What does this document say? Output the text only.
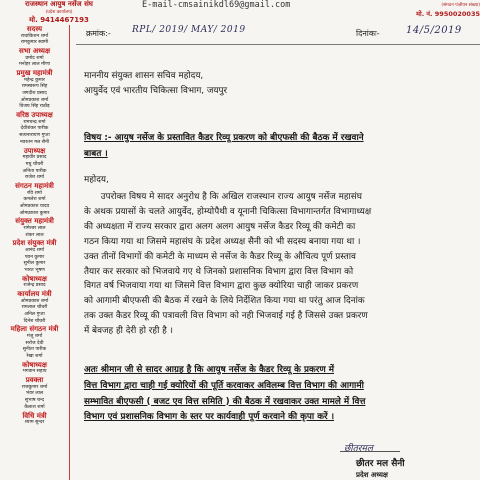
राजस्थान आयुष नर्सेज संघ
(प्रदेश कार्यालय)
मो. 9414467193
E-mail-cmsainikdl69@gmail.com	(संगठन पंजीयन संख्या)
मो. नं. 9950020035
सदस्य
राधाकिशन शर्मा
रामकुमार स्वामी
सभा अध्यक्ष
प्रमोद शर्मा
मनोहर लाल मीणा
प्रमुख महामंत्री
महेन्द्र कुमार
रामस्वरूप सिंह
जगदीश प्रसाद
ओमप्रकाश शर्मा
विजय सिंह राठौड़
वरिष्ठ उपाध्यक्ष
रामचन्द्र शर्मा
देवीशंकर पारीक
सत्यनारायण गुप्ता
नवरतन मल सैनी
उपाध्यक्ष
महावीर प्रसाद
मधु चौधरी
अनिता पारीक
राजेश शर्मा
संगठन महामंत्री
रवि शर्मा
कमलेश शर्मा
ओमप्रकाश यादव
ओमप्रकाश कुमार
संयुक्त महामंत्री
रामेश्वर लाल
शंकर लाल
प्रदेश संयुक्त मंत्री
आनंद शर्मा
पवन कुमार
सुनील कुमार
भारत भूषण
कोषाध्यक्ष
राजेन्द्र प्रसाद
कार्यालय मंत्री
ओमप्रकाश शर्मा
रामलाल चौधरी
अनिल गुप्ता
दिनेश चौधरी
महिला संगठन मंत्री
मंजू शर्मा
सरोज देवी
सुनीता पारीक
रेखा शर्मा
कोषाध्यक्ष
भगवान सहाय
प्रवक्ता
राजकुमार शर्मा
भंवर लाल
सुभाष चन्द
कैलाश शर्मा
विधि मंत्री
श्याम सुन्दर
क्रमांक:- RPL/ 2019/ MAY/ 2019	दिनांकः-	14/5/2019
माननीय संयुक्त शासन सचिव महोदय,
आयुर्वेद एवं भारतीय चिकित्सा विभाग, जयपुर
विषय :- आयुष नर्सेज के प्रस्तावित कैडर रिव्यू प्रकरण को बीएफसी की बैठक में रखवाने
बाबत ।
महोदय,
उपरोक्त विषय मे सादर अनुरोध है कि अखिल राजस्थान राज्य आयुष नर्सेज महासंघ
के अथक प्रयासों के चलते आयुर्वेद, होम्योपैथी व यूनानी चिकित्सा विभागान्तर्गत विभागाध्यक्ष
की अध्यक्षता में राज्य सरकार द्वारा अलग अलग आयुष नर्सेज कैडर रिव्यू की कमेटी का
गठन किया गया था जिसमे महासंघ के प्रदेश अध्यक्ष सैनी को भी सदस्य बनाया गया था ।
उक्त तीनों विभागों की कमेटी के माध्यम से नर्सेज के कैडर रिव्यू के औचित्य पूर्ण प्रस्ताव
तैयार कर सरकार को भिजवाये गए थे जिनको प्रशासनिक विभाग द्वारा वित्त विभाग को
विगत वर्ष भिजवाया गया था जिसमे वित्त विभाग द्वारा कुछ क्योरिया चाही जाकर प्रकरण
को आगामी बीएफसी की बैठक में रखने के लिये निर्देशित किया गया था परंतु आज दिनांक
तक उक्त कैडर रिव्यू की पत्रावली वित्त विभाग को नही भिजवाई गई है जिससे उक्त प्रकरण
में बेवजह ही देरी हो रही है ।
अतः श्रीमान जी से सादर आग्रह है कि आयुष नर्सेज के कैडर रिव्यू के प्रकरण में
वित्त विभाग द्वारा चाही गई क्योरियों की पूर्ति करवाकर अविलम्ब वित्त विभाग की आगामी
सम्भावित बीएफसी ( बजट एव वित्त समिति ) की बैठक में रखवाकर उक्त मामले में वित्त
विभाग एवं प्रशासनिक विभाग के स्तर पर कार्यवाही पूर्ण करवाने की कृपा करें ।
छीतरमल
छीतर मल सैनी
प्रदेश अध्यक्ष
